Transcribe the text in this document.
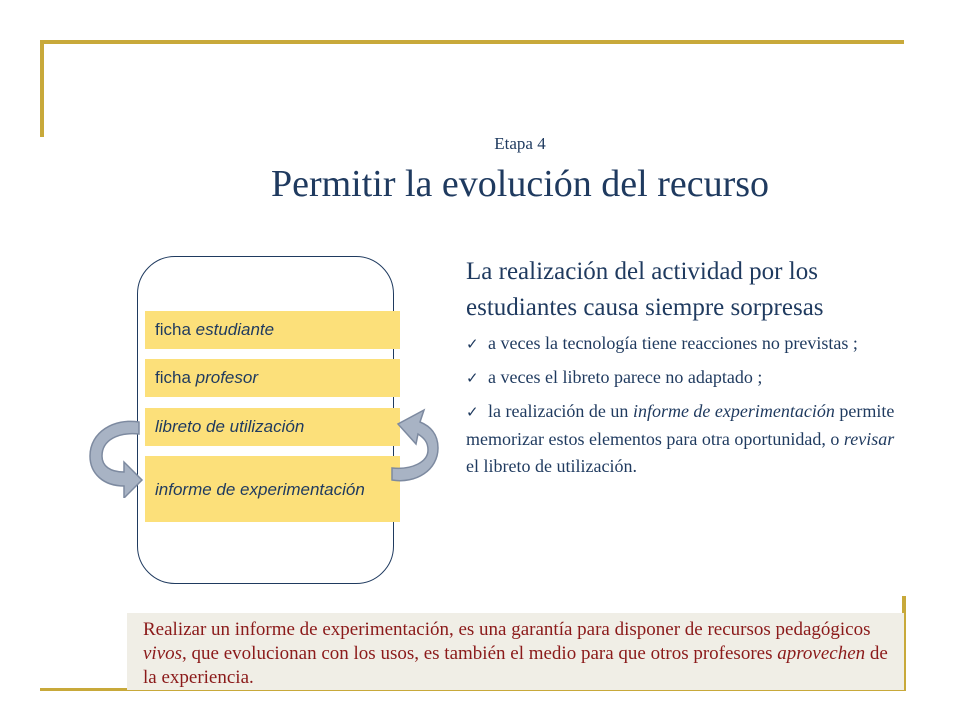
Etapa 4
Permitir la evolución del recurso
ficha estudiante
ficha profesor
libreto de utilización
informe de experimentación

La realización del actividad por los estudiantes causa siempre sorpresas

✓ a veces la tecnología tiene reacciones no previstas ;

✓ a veces el libreto parece no adaptado ;

✓ la realización de un informe de experimentación permite memorizar estos elementos para otra oportunidad, o revisar el libreto de utilización.

Realizar un informe de experimentación, es una garantía para disponer de recursos pedagógicos vivos, que evolucionan con los usos, es también el medio para que otros profesores aprovechen de la experiencia.
